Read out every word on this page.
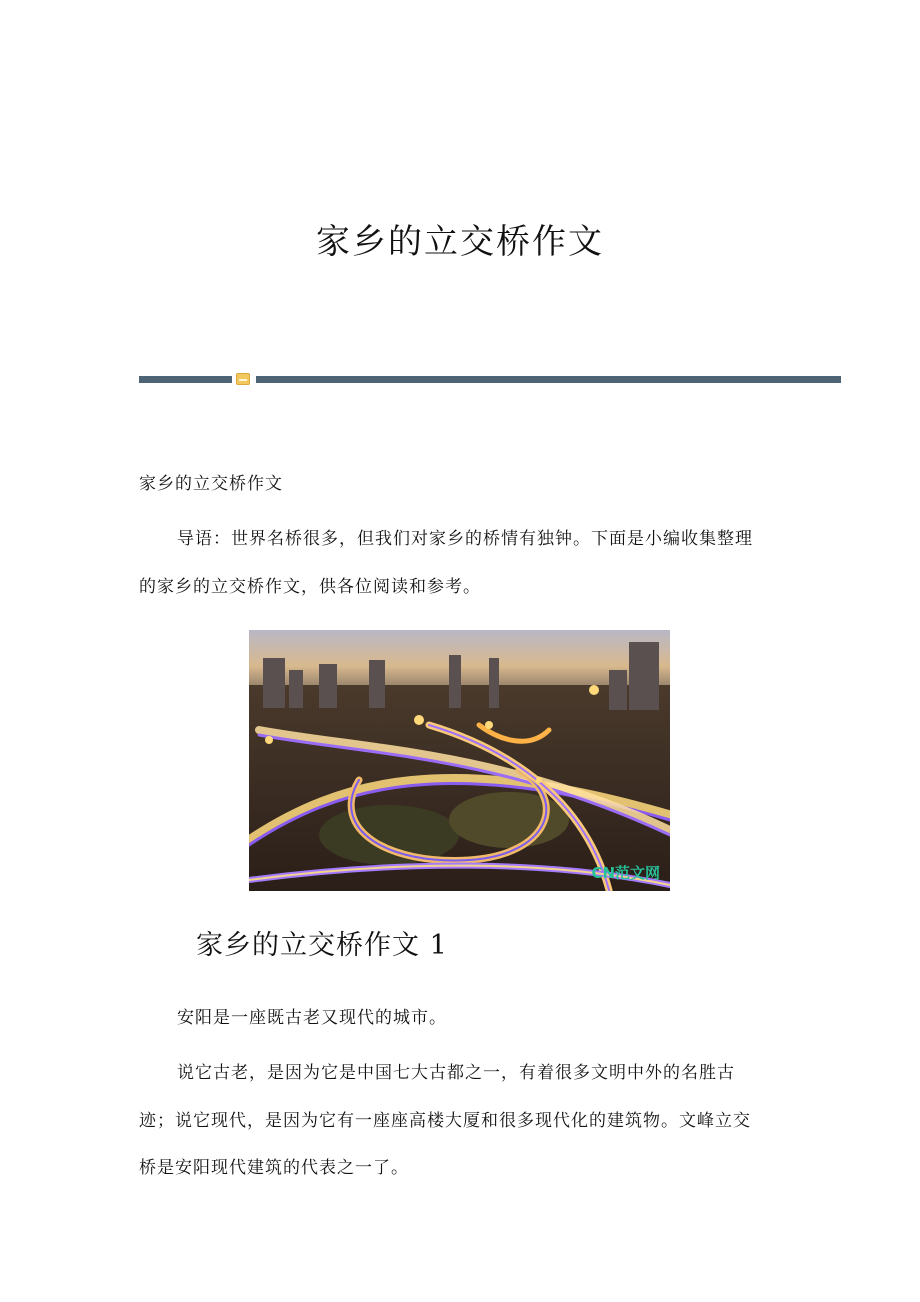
家乡的立交桥作文
家乡的立交桥作文
导语：世界名桥很多，但我们对家乡的桥情有独钟。下面是小编收集整理
的家乡的立交桥作文，供各位阅读和参考。
CN范文网
家乡的立交桥作文 1
安阳是一座既古老又现代的城市。
说它古老，是因为它是中国七大古都之一，有着很多文明中外的名胜古
迹；说它现代，是因为它有一座座高楼大厦和很多现代化的建筑物。文峰立交
桥是安阳现代建筑的代表之一了。
